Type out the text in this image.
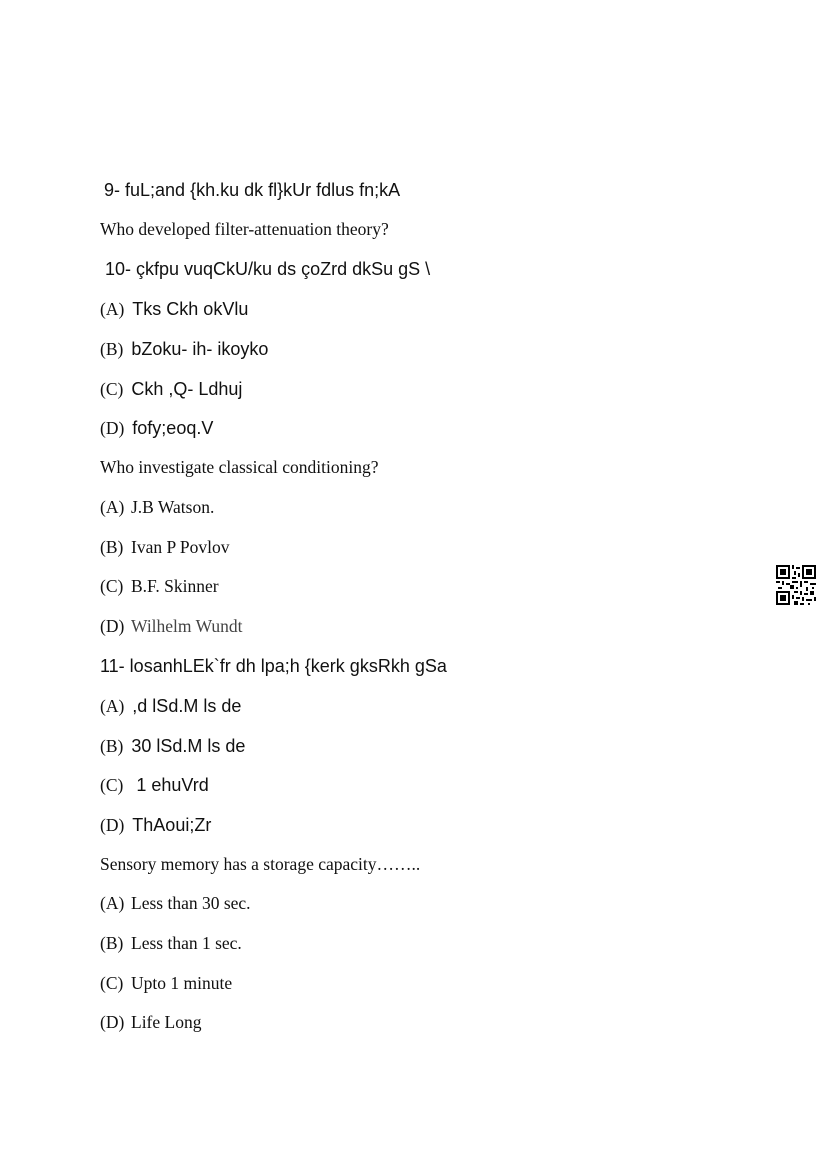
9- fuL;and {kh.ku dk fl}kUr fdlus fn;kA

Who developed filter-attenuation theory?

10- çkfpu vuqCkU/ku ds çoZrd dkSu gS \

(A) Tks Ckh okVlu
(B) bZoku- ih- ikoyko
(C) Ckh ,Q- Ldhuj
(D) fofy;eoq.V

Who investigate classical conditioning?

(A) J.B Watson.

(B) Ivan P Povlov

(C) B.F. Skinner

(D) Wilhelm Wundt

11- losanhLEk`fr dh lpa;h {kerk gksRkh gSa

(A) ,d lSd.M ls de
(B) 30 lSd.M ls de
(C) 1 ehuVrd
(D) ThAoui;Zr

Sensory memory has a storage capacity……..

(A) Less than 30 sec.

(B) Less than 1 sec.

(C) Upto 1 minute

(D) Life Long
